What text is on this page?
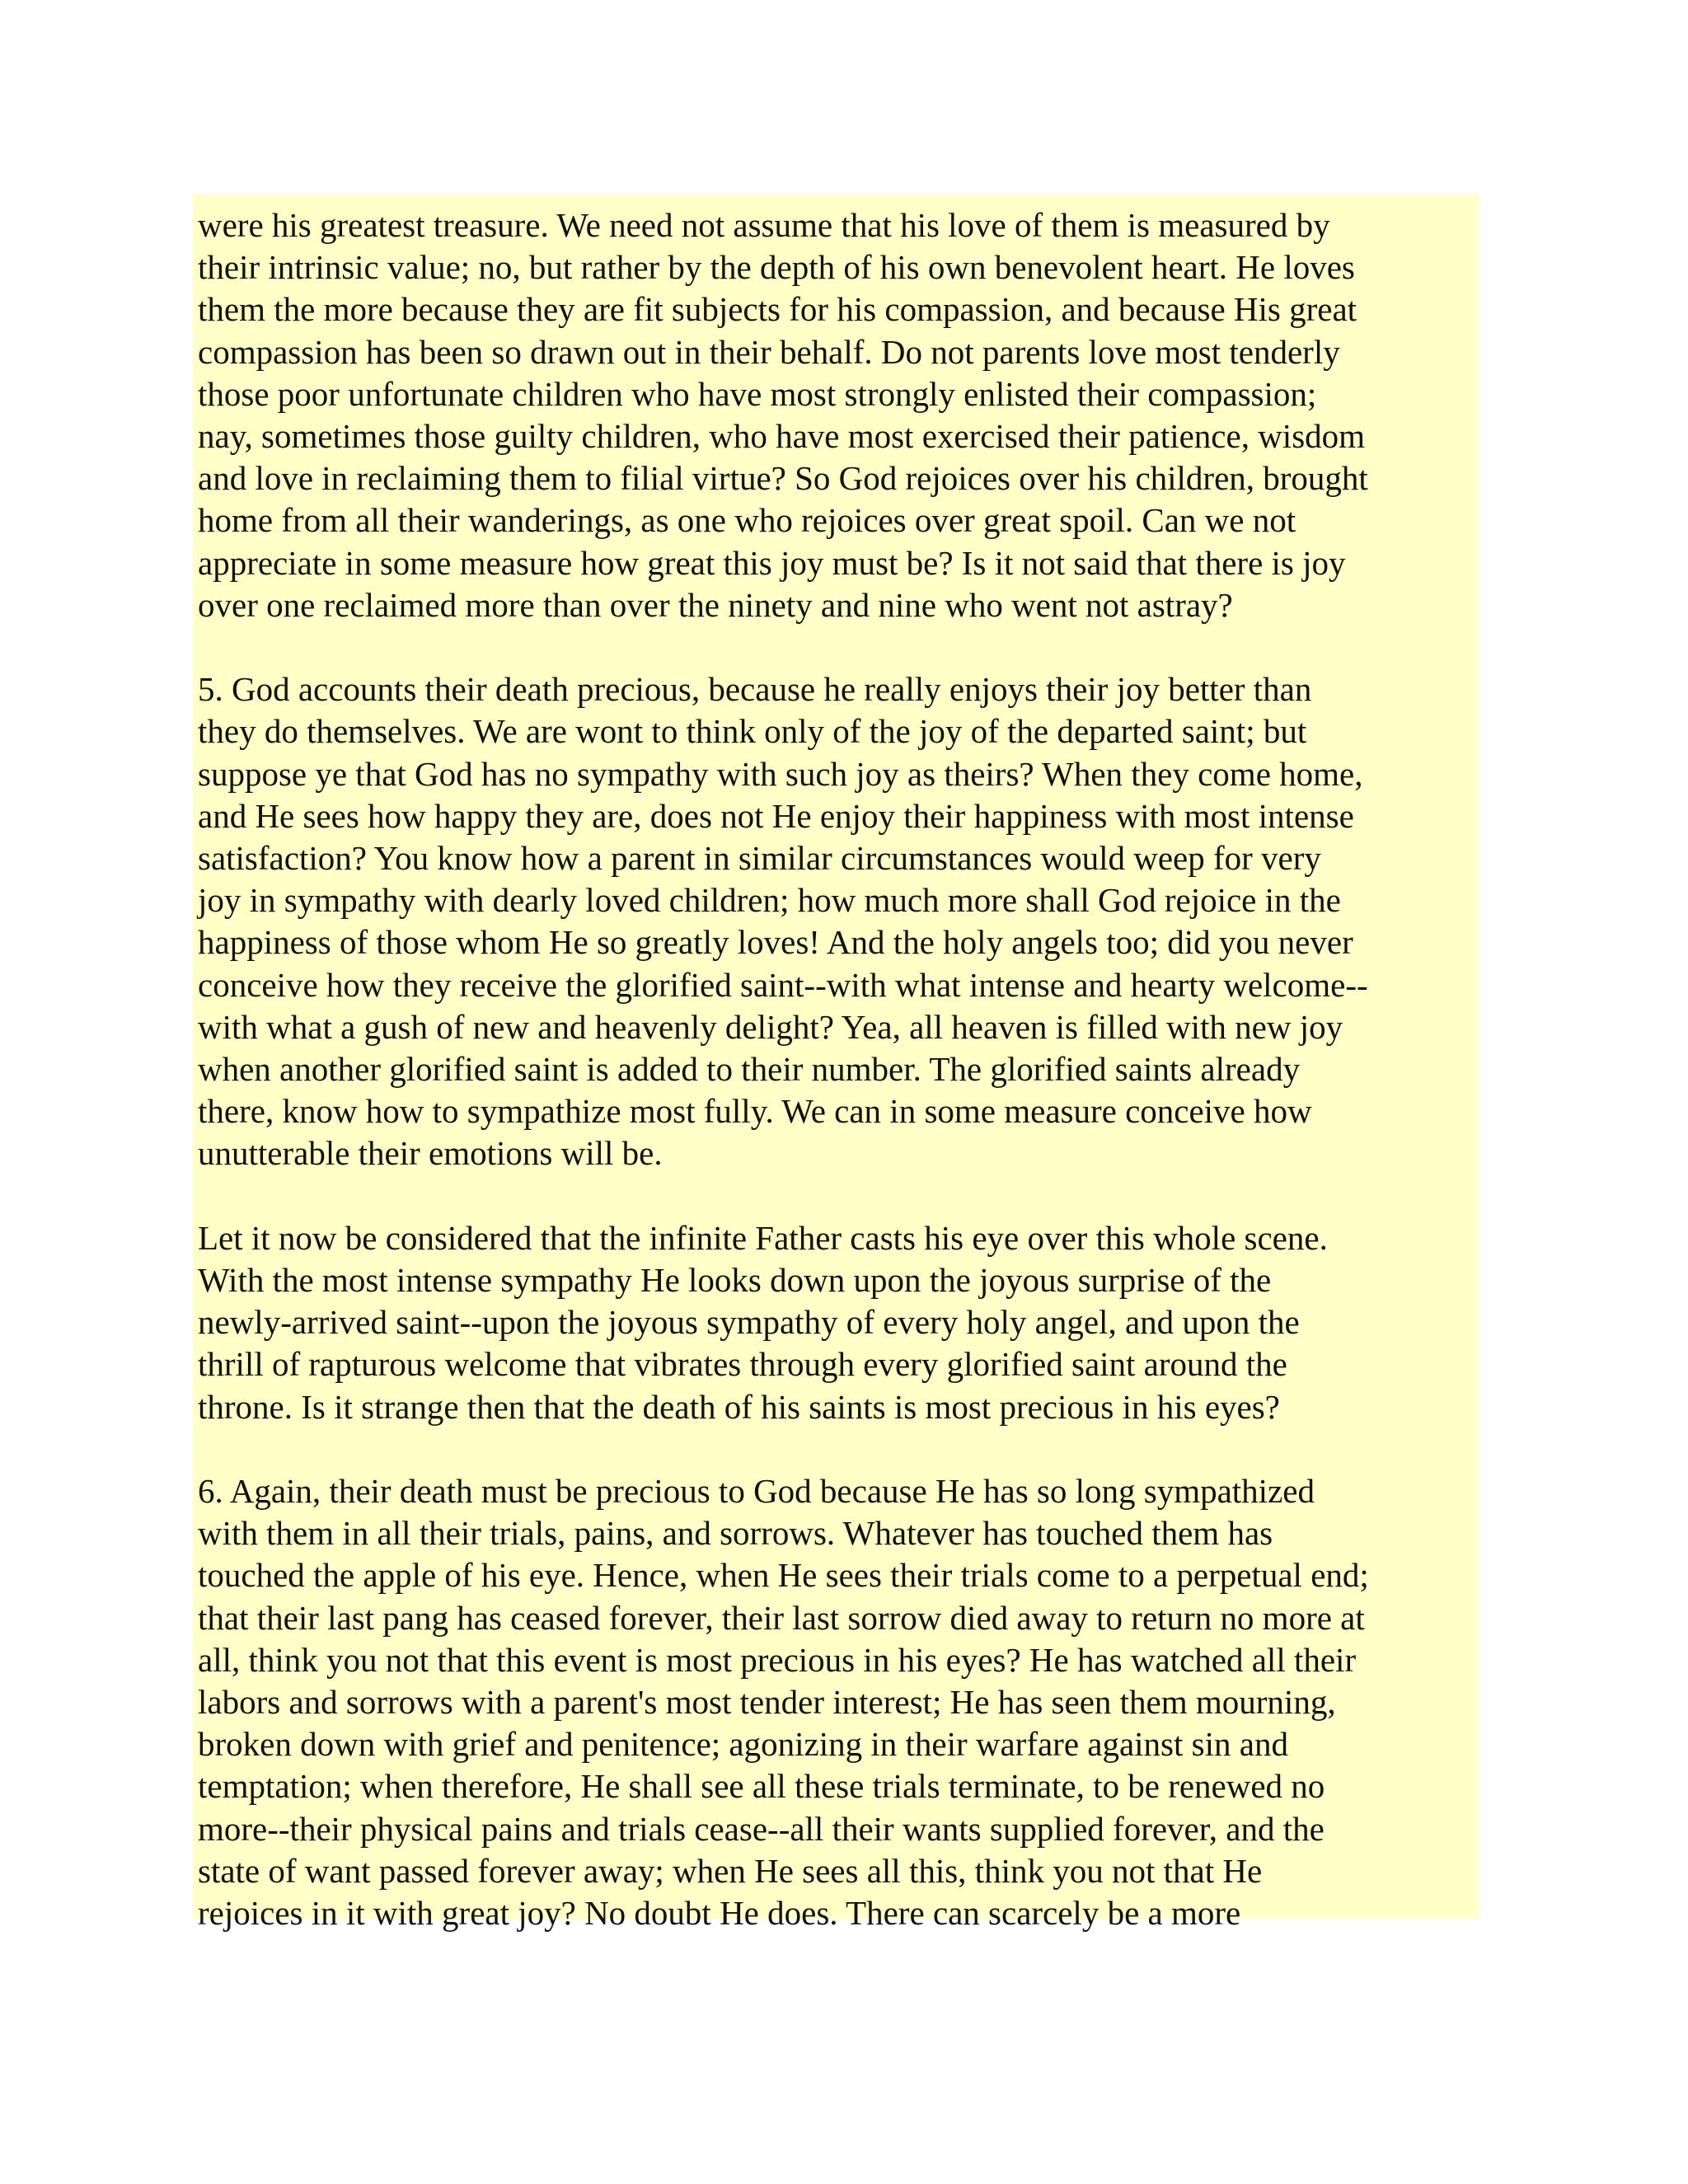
were his greatest treasure. We need not assume that his love of them is measured by

their intrinsic value; no, but rather by the depth of his own benevolent heart. He loves

them the more because they are fit subjects for his compassion, and because His great

compassion has been so drawn out in their behalf. Do not parents love most tenderly

those poor unfortunate children who have most strongly enlisted their compassion;

nay, sometimes those guilty children, who have most exercised their patience, wisdom

and love in reclaiming them to filial virtue? So God rejoices over his children, brought

home from all their wanderings, as one who rejoices over great spoil. Can we not

appreciate in some measure how great this joy must be? Is it not said that there is joy

over one reclaimed more than over the ninety and nine who went not astray?

5. God accounts their death precious, because he really enjoys their joy better than

they do themselves. We are wont to think only of the joy of the departed saint; but

suppose ye that God has no sympathy with such joy as theirs? When they come home,

and He sees how happy they are, does not He enjoy their happiness with most intense

satisfaction? You know how a parent in similar circumstances would weep for very

joy in sympathy with dearly loved children; how much more shall God rejoice in the

happiness of those whom He so greatly loves! And the holy angels too; did you never

conceive how they receive the glorified saint--with what intense and hearty welcome--

with what a gush of new and heavenly delight? Yea, all heaven is filled with new joy

when another glorified saint is added to their number. The glorified saints already

there, know how to sympathize most fully. We can in some measure conceive how

unutterable their emotions will be.

Let it now be considered that the infinite Father casts his eye over this whole scene.

With the most intense sympathy He looks down upon the joyous surprise of the

newly-arrived saint--upon the joyous sympathy of every holy angel, and upon the

thrill of rapturous welcome that vibrates through every glorified saint around the

throne. Is it strange then that the death of his saints is most precious in his eyes?

6. Again, their death must be precious to God because He has so long sympathized

with them in all their trials, pains, and sorrows. Whatever has touched them has

touched the apple of his eye. Hence, when He sees their trials come to a perpetual end;

that their last pang has ceased forever, their last sorrow died away to return no more at

all, think you not that this event is most precious in his eyes? He has watched all their

labors and sorrows with a parent's most tender interest; He has seen them mourning,

broken down with grief and penitence; agonizing in their warfare against sin and

temptation; when therefore, He shall see all these trials terminate, to be renewed no

more--their physical pains and trials cease--all their wants supplied forever, and the

state of want passed forever away; when He sees all this, think you not that He

rejoices in it with great joy? No doubt He does. There can scarcely be a more
